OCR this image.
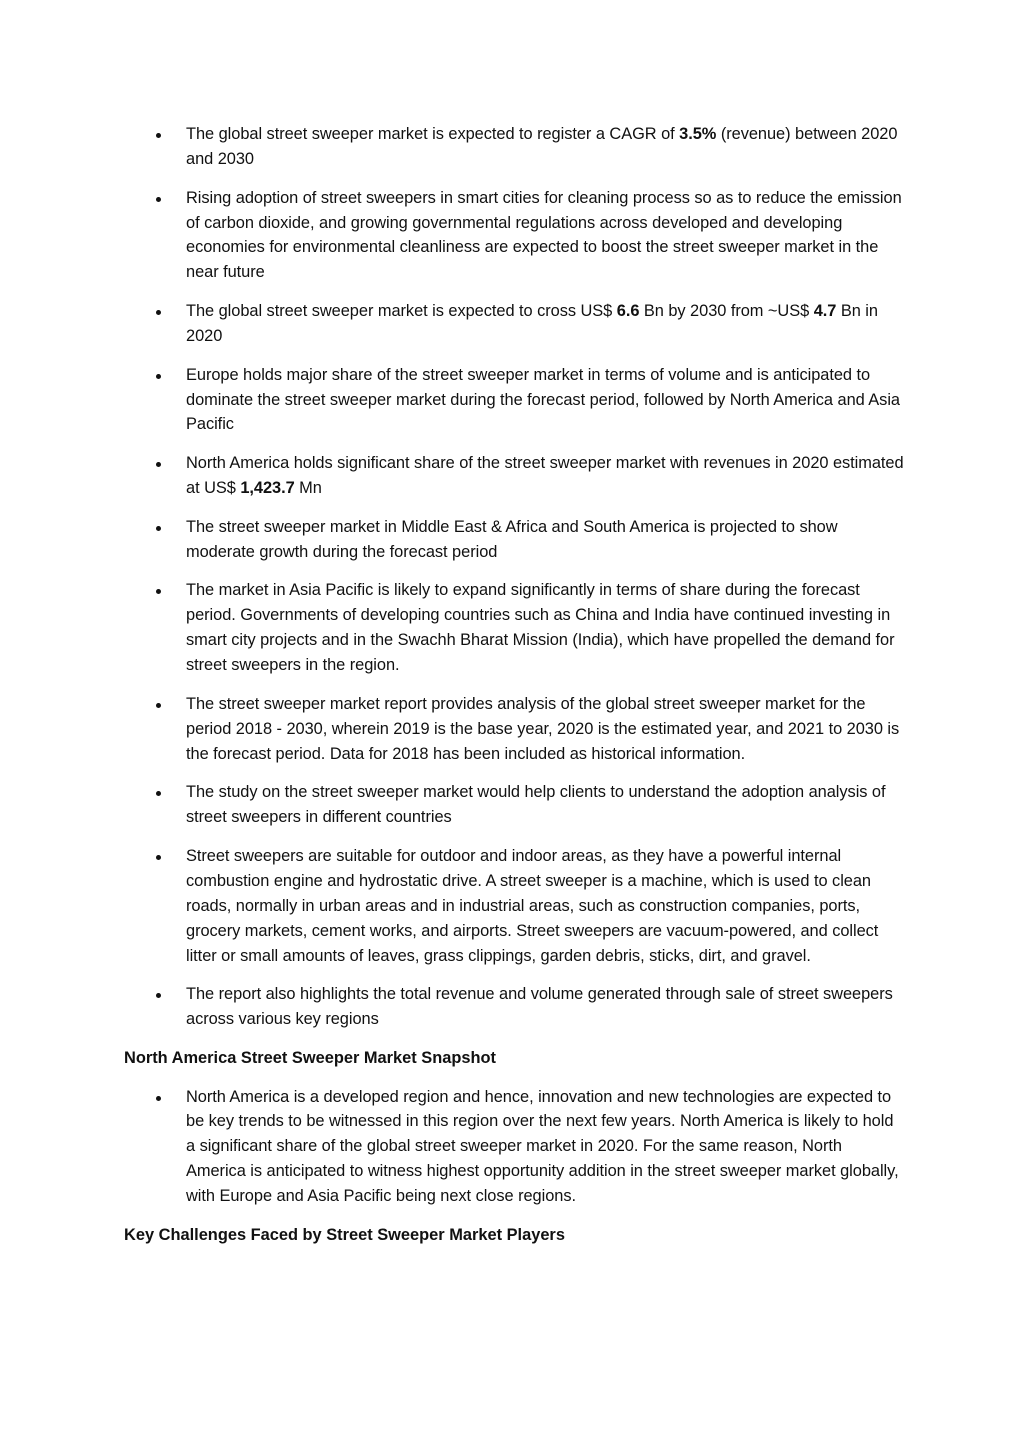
The global street sweeper market is expected to register a CAGR of 3.5% (revenue) between 2020 and 2030
Rising adoption of street sweepers in smart cities for cleaning process so as to reduce the emission of carbon dioxide, and growing governmental regulations across developed and developing economies for environmental cleanliness are expected to boost the street sweeper market in the near future
The global street sweeper market is expected to cross US$ 6.6 Bn by 2030 from ~US$ 4.7 Bn in 2020
Europe holds major share of the street sweeper market in terms of volume and is anticipated to dominate the street sweeper market during the forecast period, followed by North America and Asia Pacific
North America holds significant share of the street sweeper market with revenues in 2020 estimated at US$ 1,423.7 Mn
The street sweeper market in Middle East & Africa and South America is projected to show moderate growth during the forecast period
The market in Asia Pacific is likely to expand significantly in terms of share during the forecast period. Governments of developing countries such as China and India have continued investing in smart city projects and in the Swachh Bharat Mission (India), which have propelled the demand for street sweepers in the region.
The street sweeper market report provides analysis of the global street sweeper market for the period 2018 - 2030, wherein 2019 is the base year, 2020 is the estimated year, and 2021 to 2030 is the forecast period. Data for 2018 has been included as historical information.
The study on the street sweeper market would help clients to understand the adoption analysis of street sweepers in different countries
Street sweepers are suitable for outdoor and indoor areas, as they have a powerful internal combustion engine and hydrostatic drive. A street sweeper is a machine, which is used to clean roads, normally in urban areas and in industrial areas, such as construction companies, ports, grocery markets, cement works, and airports. Street sweepers are vacuum-powered, and collect litter or small amounts of leaves, grass clippings, garden debris, sticks, dirt, and gravel.
The report also highlights the total revenue and volume generated through sale of street sweepers across various key regions
North America Street Sweeper Market Snapshot
North America is a developed region and hence, innovation and new technologies are expected to be key trends to be witnessed in this region over the next few years. North America is likely to hold a significant share of the global street sweeper market in 2020. For the same reason, North America is anticipated to witness highest opportunity addition in the street sweeper market globally, with Europe and Asia Pacific being next close regions.
Key Challenges Faced by Street Sweeper Market Players
